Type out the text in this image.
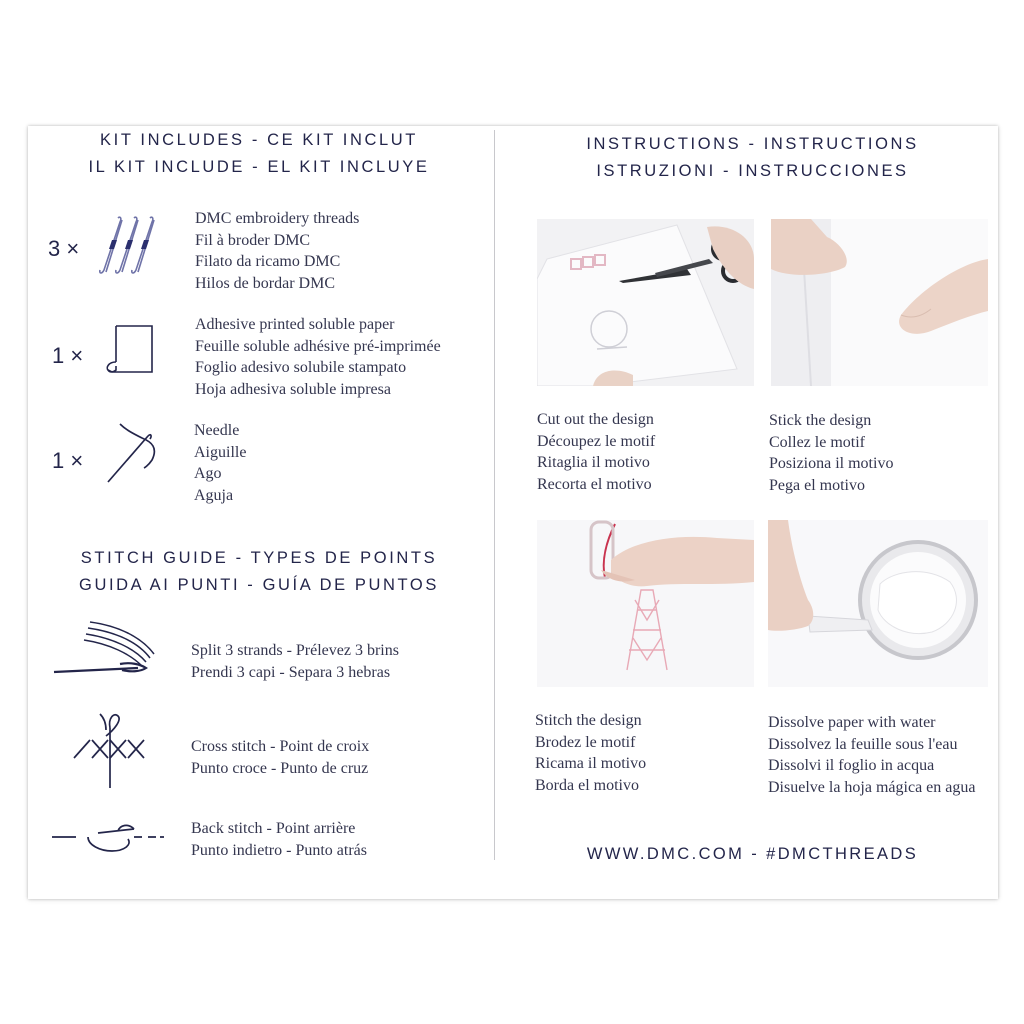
KIT INCLUDES - CE KIT INCLUT
IL KIT INCLUDE - EL KIT INCLUYE
3 ×
DMC embroidery threads
Fil à broder DMC
Filato da ricamo DMC
Hilos de bordar DMC
1 ×
Adhesive printed soluble paper
Feuille soluble adhésive pré-imprimée
Foglio adesivo solubile stampato
Hoja adhesiva soluble impresa
1 ×
Needle
Aiguille
Ago
Aguja
STITCH GUIDE - TYPES DE POINTS
GUIDA AI PUNTI - GUÍA DE PUNTOS
Split 3 strands - Prélevez 3 brins
Prendi 3 capi - Separa 3 hebras
Cross stitch - Point de croix
Punto croce - Punto de cruz
Back stitch - Point arrière
Punto indietro - Punto atrás
INSTRUCTIONS - INSTRUCTIONS
ISTRUZIONI - INSTRUCCIONES
Cut out the design
Découpez le motif
Ritaglia il motivo
Recorta el motivo
Stick the design
Collez le motif
Posiziona il motivo
Pega el motivo
Stitch the design
Brodez le motif
Ricama il motivo
Borda el motivo
Dissolve paper with water
Dissolvez la feuille sous l'eau
Dissolvi il foglio in acqua
Disuelve la hoja mágica en agua
WWW.DMC.COM - #DMCTHREADS
